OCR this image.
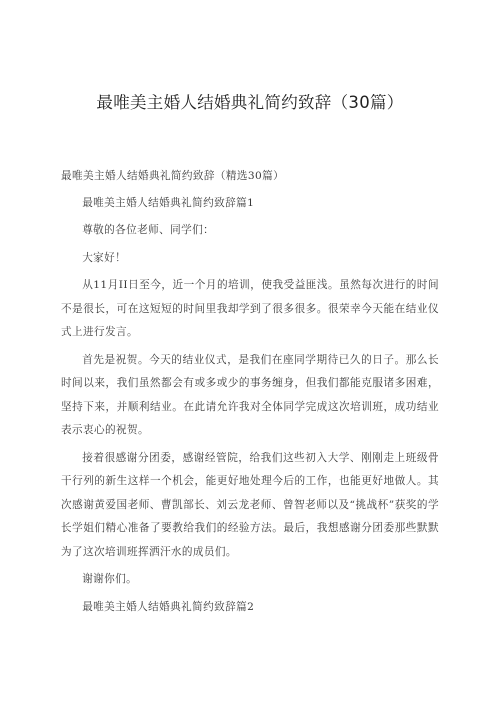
最唯美主婚人结婚典礼简约致辞（30篇）

最唯美主婚人结婚典礼简约致辞（精选30篇）

最唯美主婚人结婚典礼简约致辞篇1

尊敬的各位老师、同学们：

大家好！

从11月II日至今，近一个月的培训，使我受益匪浅。虽然每次进行的时间不是很长，可在这短短的时间里我却学到了很多很多。很荣幸今天能在结业仪式上进行发言。

首先是祝贺。今天的结业仪式，是我们在座同学期待已久的日子。那么长时间以来，我们虽然都会有或多或少的事务缠身，但我们都能克服诸多困难，坚持下来，并顺利结业。在此请允许我对全体同学完成这次培训班，成功结业表示衷心的祝贺。

接着很感谢分团委，感谢经管院，给我们这些初入大学、刚刚走上班级骨干行列的新生这样一个机会，能更好地处理今后的工作，也能更好地做人。其次感谢黄爱国老师、曹凯部长、刘云龙老师、曾智老师以及“挑战杯”获奖的学长学姐们精心准备了要教给我们的经验方法。最后，我想感谢分团委那些默默为了这次培训班挥洒汗水的成员们。

谢谢你们。

最唯美主婚人结婚典礼简约致辞篇2
